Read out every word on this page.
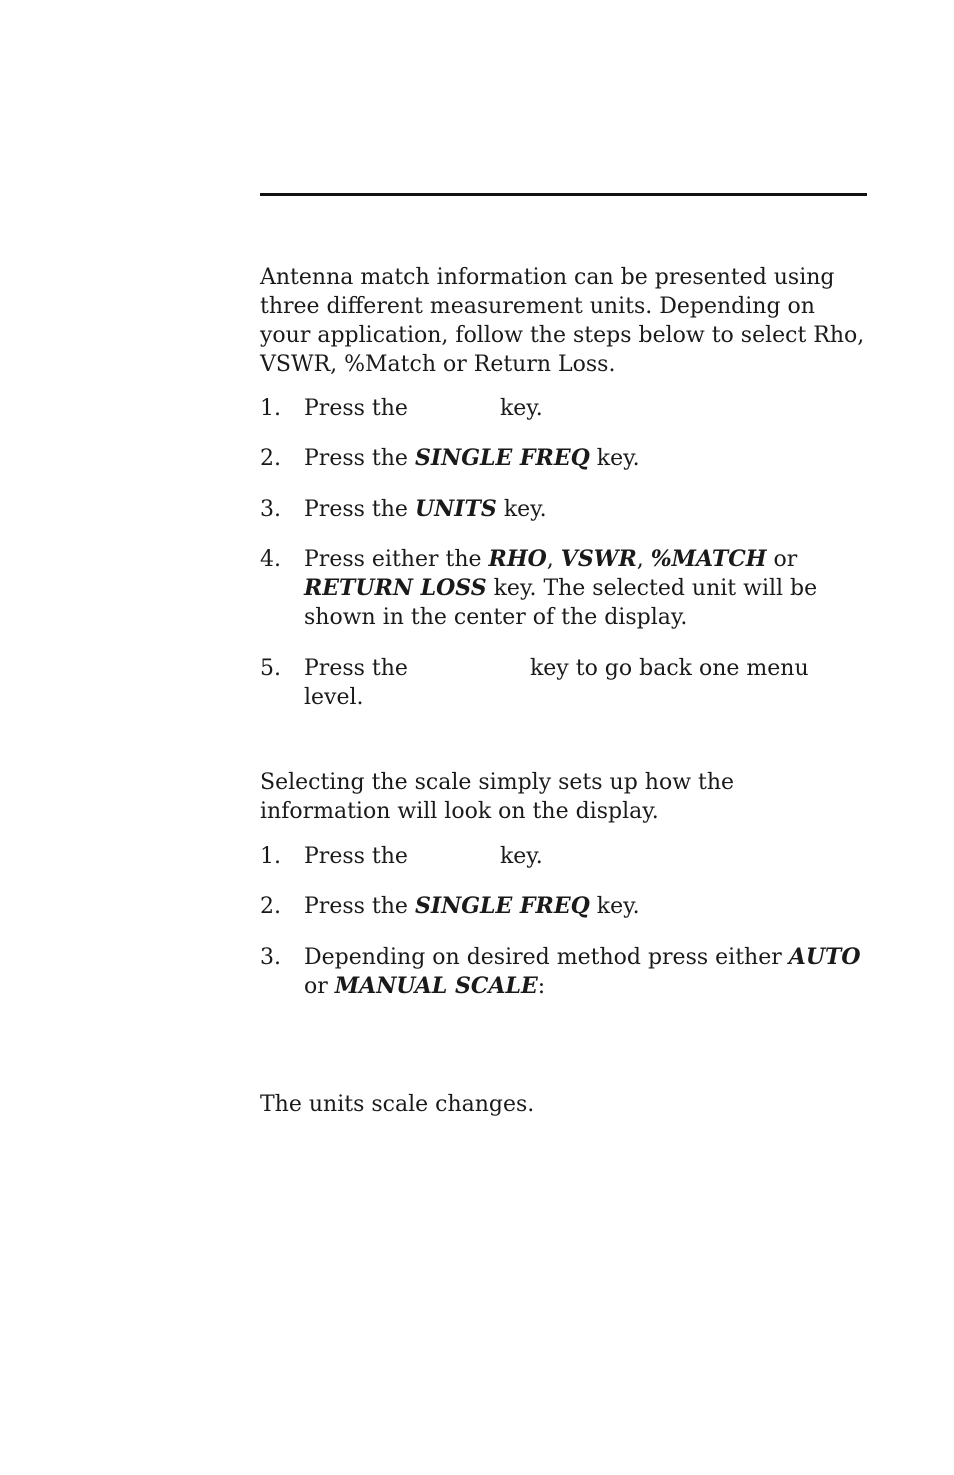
Antenna match information can be presented using three different measurement units. Depending on your application, follow the steps below to select Rho, VSWR, %Match or Return Loss.

1. Press the	key.
2. Press the SINGLE FREQ key.
3. Press the UNITS key.
4. Press either the RHO, VSWR, %MATCH or RETURN LOSS key. The selected unit will be shown in the center of the display.
5. Press the	key to go back one menu level.

Selecting the scale simply sets up how the information will look on the display.

1. Press the	key.
2. Press the SINGLE FREQ key.
3. Depending on desired method press either AUTO or MANUAL SCALE:

The units scale changes.
